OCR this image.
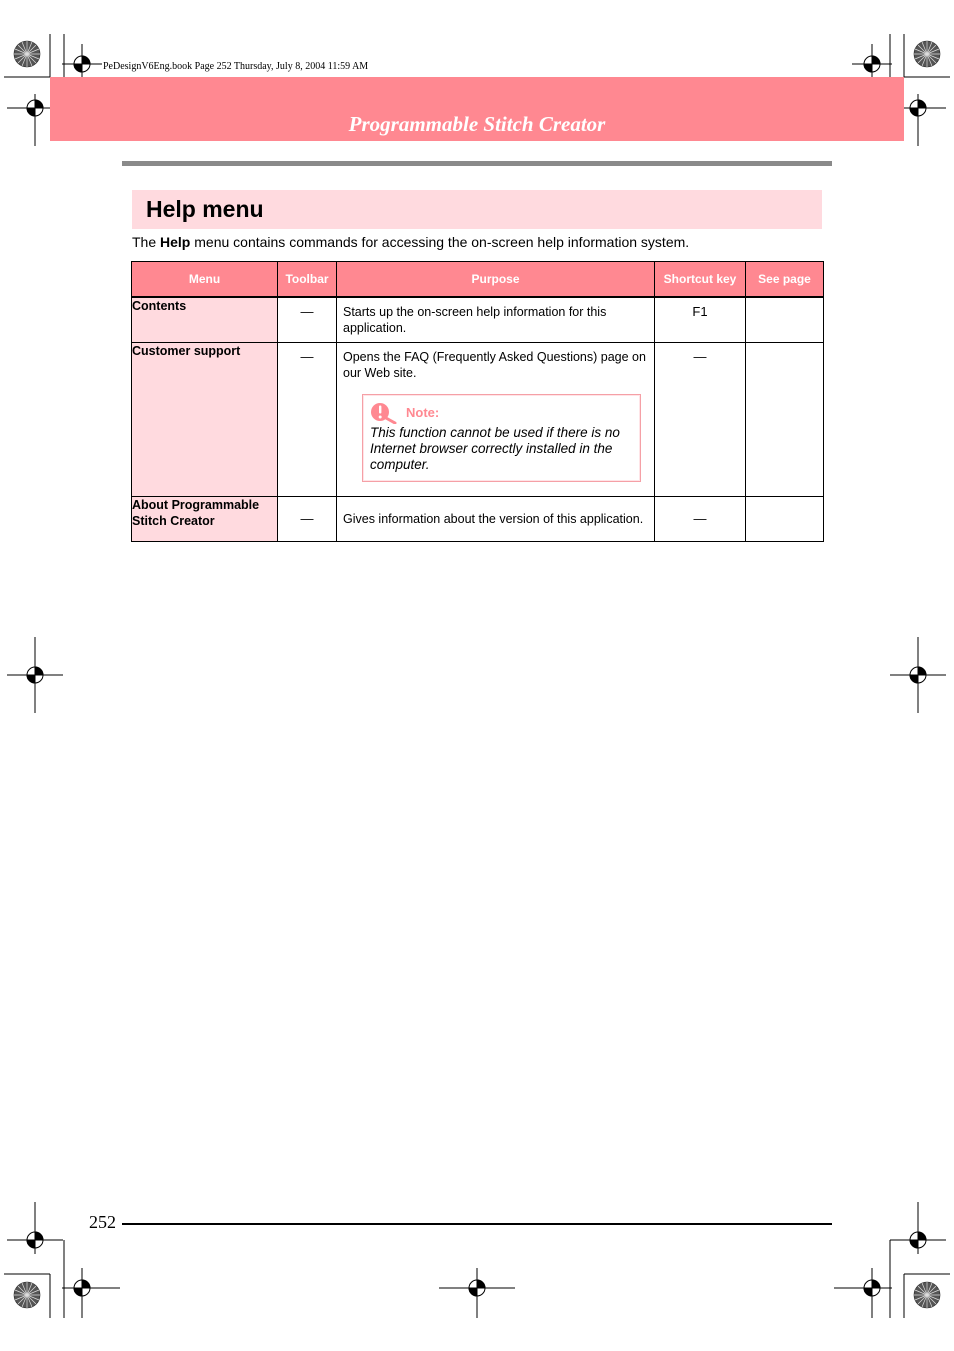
PeDesignV6Eng.book Page 252 Thursday, July 8, 2004 11:59 AM
Programmable Stitch Creator
Help menu
The Help menu contains commands for accessing the on-screen help information system.
Menu	Toolbar	Purpose	Shortcut key	See page
Contents	—	Starts up the on-screen help information for this application.	F1	

Customer support	—	Opens the FAQ (Frequently Asked Questions) page on our Web site.
Note:
This function cannot be used if there is no Internet browser correctly installed in the computer.	—	

About Programmable Stitch Creator	—	Gives information about the version of this application.	—	

252
